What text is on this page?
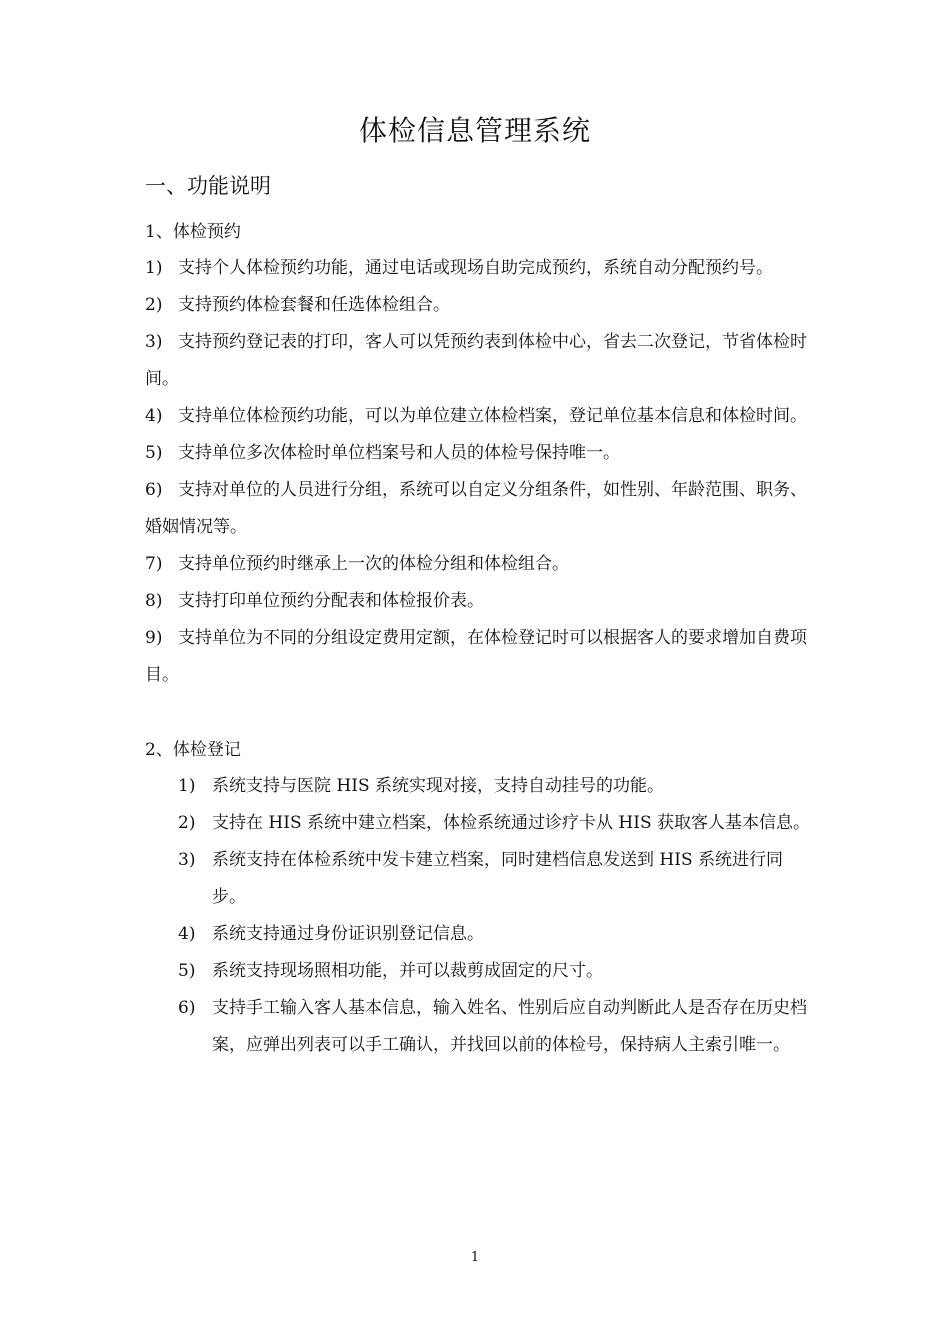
体检信息管理系统
一、功能说明

1、体检预约

1) 支持个人体检预约功能，通过电话或现场自助完成预约，系统自动分配预约号。

2) 支持预约体检套餐和任选体检组合。

3) 支持预约登记表的打印，客人可以凭预约表到体检中心，省去二次登记，节省体检时间。

4) 支持单位体检预约功能，可以为单位建立体检档案，登记单位基本信息和体检时间。

5) 支持单位多次体检时单位档案号和人员的体检号保持唯一。

6) 支持对单位的人员进行分组，系统可以自定义分组条件，如性别、年龄范围、职务、婚姻情况等。

7) 支持单位预约时继承上一次的体检分组和体检组合。

8) 支持打印单位预约分配表和体检报价表。

9) 支持单位为不同的分组设定费用定额，在体检登记时可以根据客人的要求增加自费项目。

2、体检登记

1) 系统支持与医院 HIS 系统实现对接，支持自动挂号的功能。

2) 支持在 HIS 系统中建立档案，体检系统通过诊疗卡从 HIS 获取客人基本信息。

3) 系统支持在体检系统中发卡建立档案，同时建档信息发送到 HIS 系统进行同步。

4) 系统支持通过身份证识别登记信息。

5) 系统支持现场照相功能，并可以裁剪成固定的尺寸。

6) 支持手工输入客人基本信息，输入姓名、性别后应自动判断此人是否存在历史档案，应弹出列表可以手工确认，并找回以前的体检号，保持病人主索引唯一。

1
